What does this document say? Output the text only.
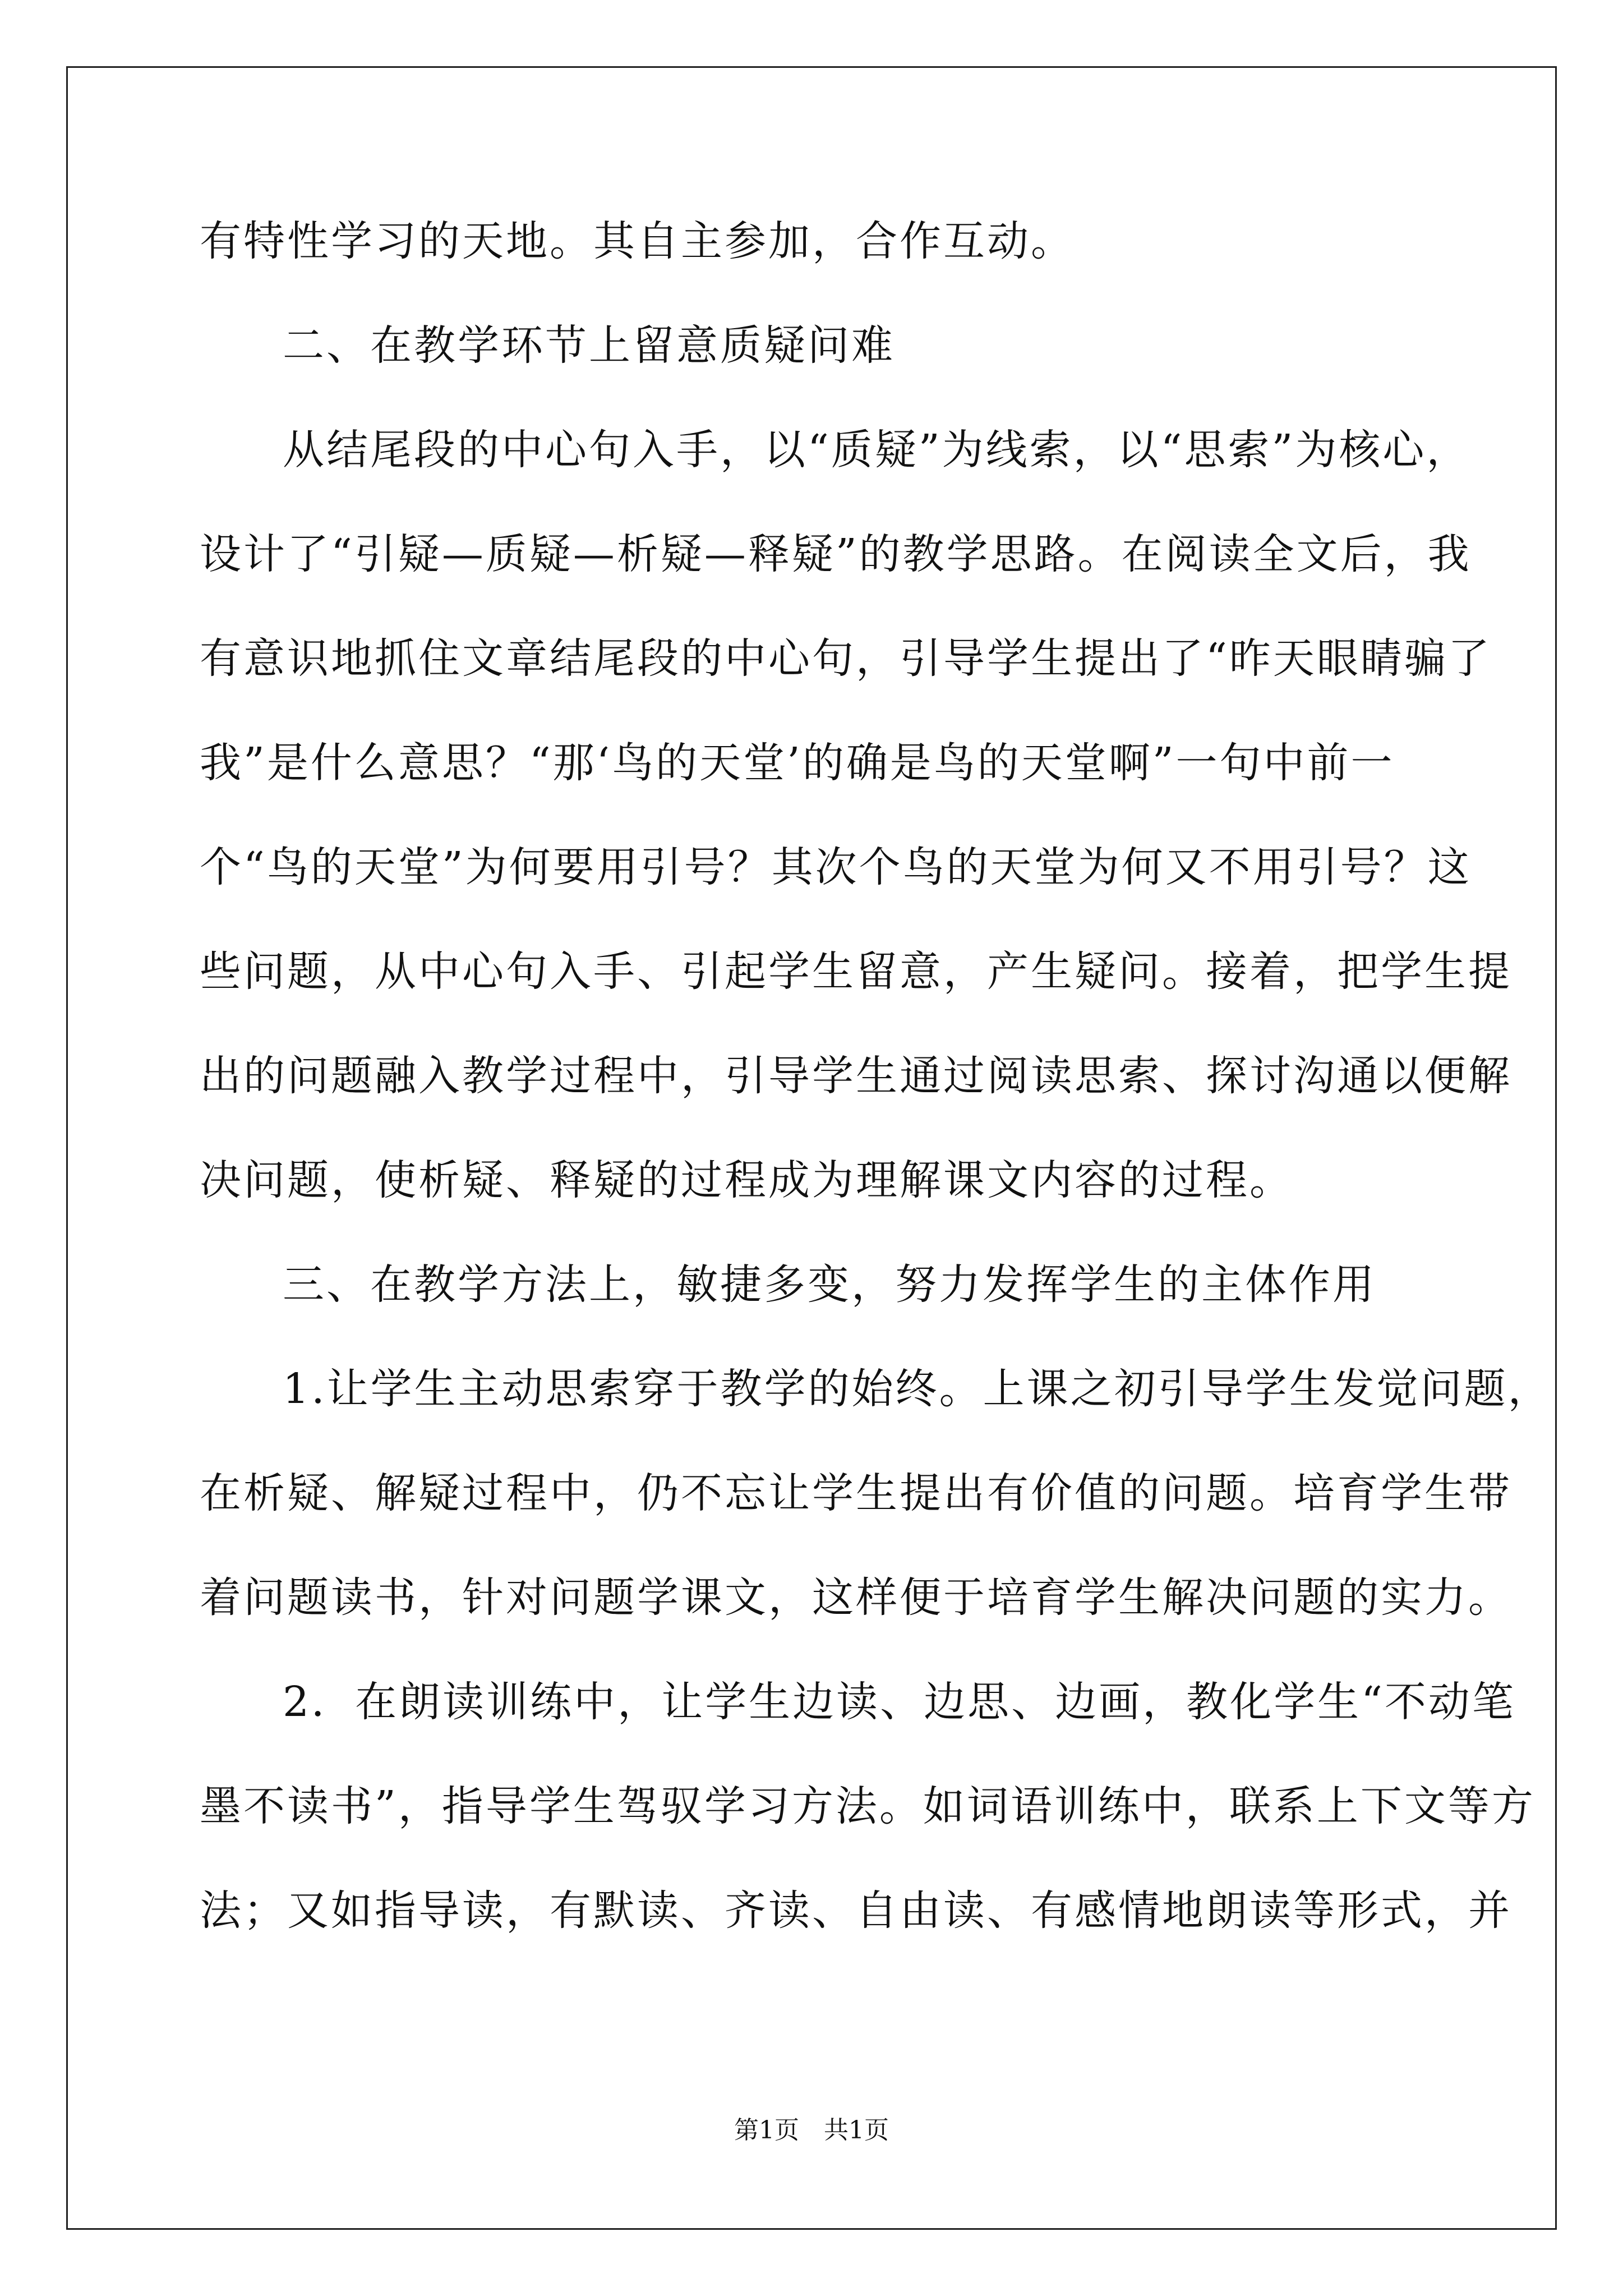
有特性学习的天地。其自主参加，合作互动。
二、在教学环节上留意质疑问难
从结尾段的中心句入手，以“质疑”为线索，以“思索”为核心，
设计了“引疑—质疑—析疑—释疑”的教学思路。在阅读全文后，我
有意识地抓住文章结尾段的中心句，引导学生提出了“昨天眼睛骗了
我”是什么意思？“那‘鸟的天堂’的确是鸟的天堂啊”一句中前一
个“鸟的天堂”为何要用引号？其次个鸟的天堂为何又不用引号？这
些问题，从中心句入手、引起学生留意，产生疑问。接着，把学生提
出的问题融入教学过程中，引导学生通过阅读思索、探讨沟通以便解
决问题，使析疑、释疑的过程成为理解课文内容的过程。
三、在教学方法上，敏捷多变，努力发挥学生的主体作用
1.让学生主动思索穿于教学的始终。上课之初引导学生发觉问题，
在析疑、解疑过程中，仍不忘让学生提出有价值的问题。培育学生带
着问题读书，针对问题学课文，这样便于培育学生解决问题的实力。
2．在朗读训练中，让学生边读、边思、边画，教化学生“不动笔
墨不读书”，指导学生驾驭学习方法。如词语训练中，联系上下文等方
法；又如指导读，有默读、齐读、自由读、有感情地朗读等形式，并
第1页　共1页
